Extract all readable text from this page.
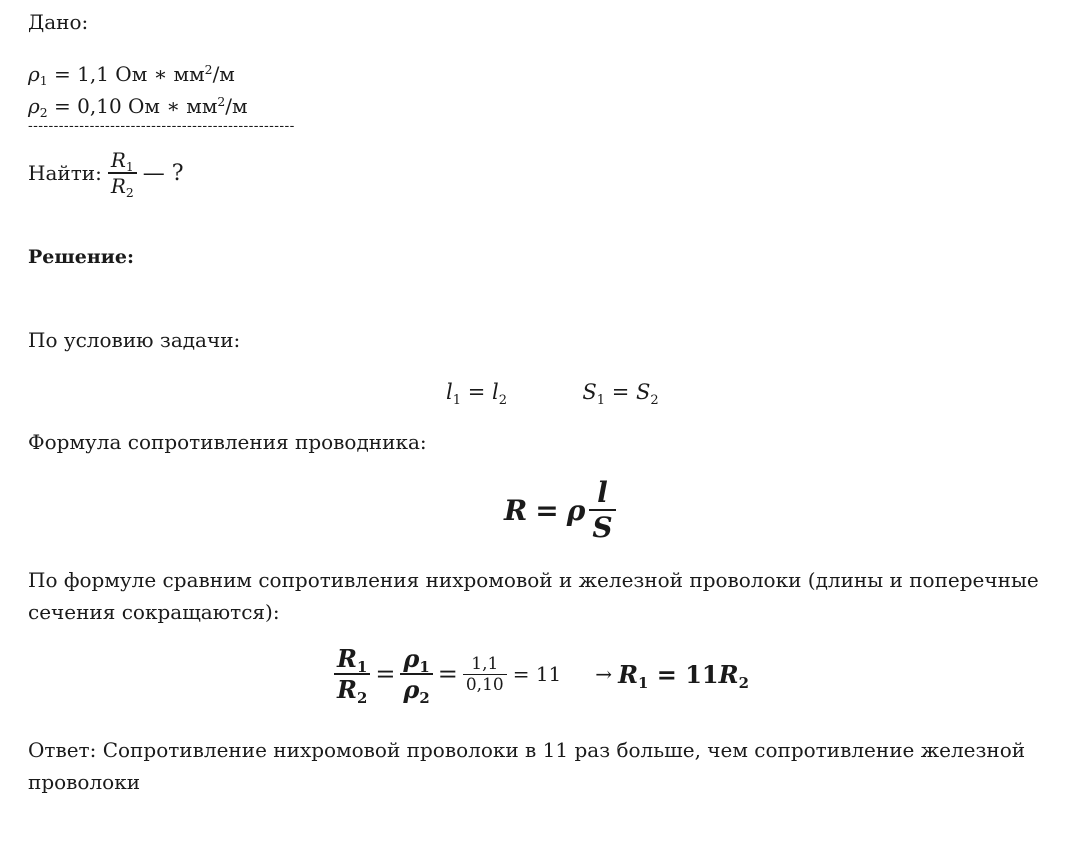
Дано:
$\rho_1 = 1,1$ Ом ∗ $мм^2/м$
$\rho_2 = 0,10$ Ом ∗ $мм^2/м$
----------------------------------------------------
Найти: $\frac{R_1}{R_2}$ — ?
Решение:
По условию задачи:
$l_1 = l_2$	$S_1 = S_2$
Формула сопротивления проводника:
R = ρ $\frac{l}{S}$
По формуле сравним сопротивления нихромовой и железной проволоки (длины и поперечные
сечения сокращаются):
$\frac{R_1}{R_2} = \frac{\rho_1}{\rho_2} = \frac{1,1}{0,10} = 11 \to R_1 = 11R_2$
Ответ: Сопротивление нихромовой проволоки в 11 раз больше, чем сопротивление железной
проволоки
